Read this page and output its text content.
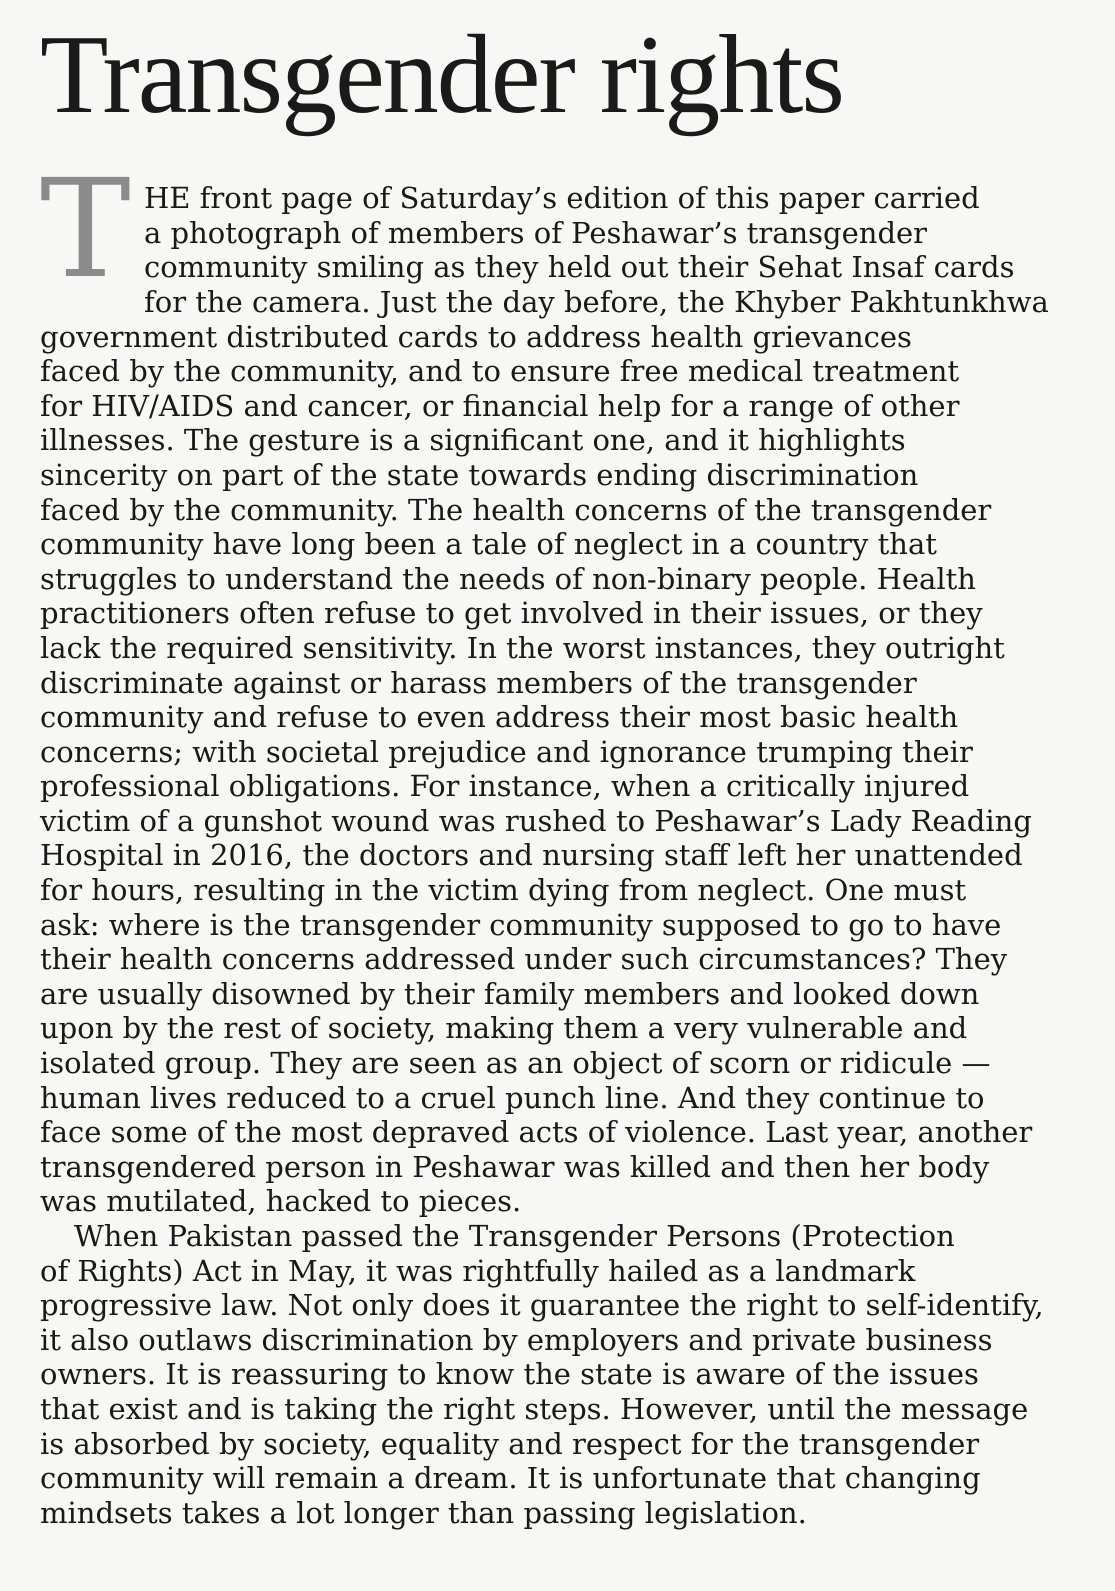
Transgender rights
T HE front page of Saturday’s edition of this paper carried
a photograph of members of Peshawar’s transgender
community smiling as they held out their Sehat Insaf cards
for the camera. Just the day before, the Khyber Pakhtunkhwa
government distributed cards to address health grievances
faced by the community, and to ensure free medical treatment
for HIV/AIDS and cancer, or financial help for a range of other
illnesses. The gesture is a significant one, and it highlights
sincerity on part of the state towards ending discrimination
faced by the community. The health concerns of the transgender
community have long been a tale of neglect in a country that
struggles to understand the needs of non-binary people. Health
practitioners often refuse to get involved in their issues, or they
lack the required sensitivity. In the worst instances, they outright
discriminate against or harass members of the transgender
community and refuse to even address their most basic health
concerns; with societal prejudice and ignorance trumping their
professional obligations. For instance, when a critically injured
victim of a gunshot wound was rushed to Peshawar’s Lady Reading
Hospital in 2016, the doctors and nursing staff left her unattended
for hours, resulting in the victim dying from neglect. One must
ask: where is the transgender community supposed to go to have
their health concerns addressed under such circumstances? They
are usually disowned by their family members and looked down
upon by the rest of society, making them a very vulnerable and
isolated group. They are seen as an object of scorn or ridicule —
human lives reduced to a cruel punch line. And they continue to
face some of the most depraved acts of violence. Last year, another
transgendered person in Peshawar was killed and then her body
was mutilated, hacked to pieces.
When Pakistan passed the Transgender Persons (Protection
of Rights) Act in May, it was rightfully hailed as a landmark
progressive law. Not only does it guarantee the right to self-identify,
it also outlaws discrimination by employers and private business
owners. It is reassuring to know the state is aware of the issues
that exist and is taking the right steps. However, until the message
is absorbed by society, equality and respect for the transgender
community will remain a dream. It is unfortunate that changing
mindsets takes a lot longer than passing legislation.
